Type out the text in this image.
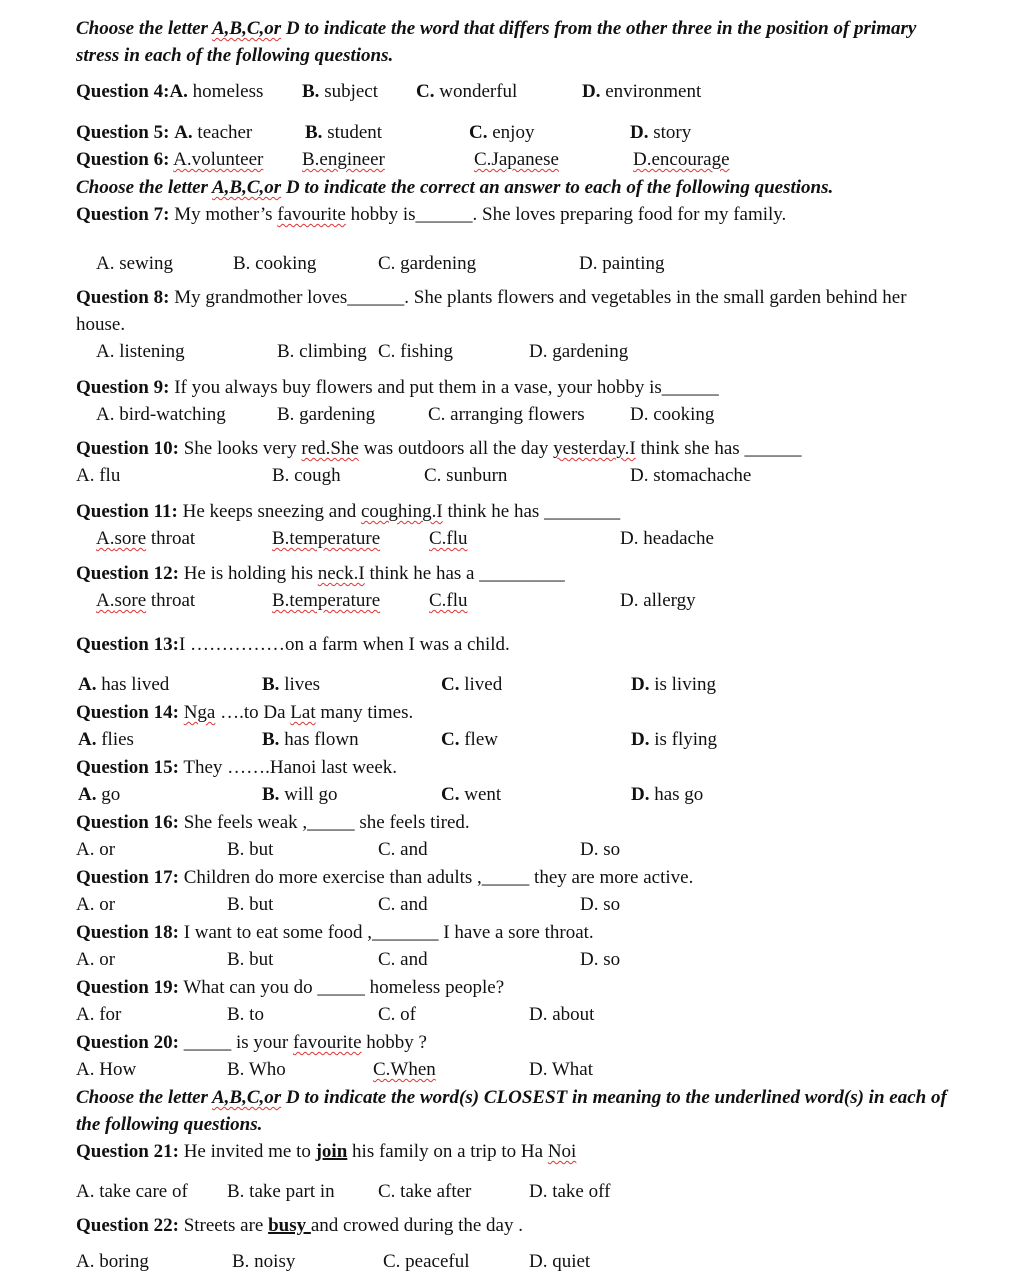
Choose the letter A,B,C,or D to indicate the word that differs from the other three in the position of primary stress in each of the following questions.
Question 4:A. homeless B. subject C. wonderful	D. environment
Question 5: A. teacher	B. student	C. enjoy	D. story
Question 6: A.volunteer B.engineer	C.Japanese	D.encourage
Choose the letter A,B,C,or D to indicate the correct an answer to each of the following questions.
Question 7: My mother’s favourite hobby is______. She loves preparing food for my family.
A. sewing	B. cooking	C. gardening	D. painting
Question 8: My grandmother loves______. She plants flowers and vegetables in the small garden behind her
house.
A. listening	B. climbing C. fishing	D. gardening
Question 9: If you always buy flowers and put them in a vase, your hobby is______
A. bird-watching	B. gardening	C. arranging flowers D. cooking
Question 10: She looks very red.She was outdoors all the day yesterday.I think she has ______
A. flu	B. cough	C. sunburn	D. stomachache
Question 11: He keeps sneezing and coughing.I think he has ________
A.sore throat	B.temperature	C.flu	D. headache
Question 12: He is holding his neck.I think he has a _________
A.sore throat	B.temperature	C.flu	D. allergy
Question 13:I ……………on a farm when I was a child.
A. has lived	B. lives	C. lived	D. is living
Question 14: Nga ….to Da Lat many times.
A. flies	B. has flown	C. flew	D. is flying
Question 15: They …….Hanoi last week.
A. go	B. will go	C. went	D. has go
Question 16: She feels weak ,_____ she feels tired.
A. or	B. but	C. and	D. so
Question 17: Children do more exercise than adults ,_____ they are more active.
A. or	B. but	C. and	D. so
Question 18: I want to eat some food ,_______ I have a sore throat.
A. or	B. but	C. and	D. so
Question 19: What can you do _____ homeless people?
A. for	B. to	C. of	D. about
Question 20: _____ is your favourite hobby ?
A. How	B. Who	C.When	D. What
Choose the letter A,B,C,or D to indicate the word(s) CLOSEST in meaning to the underlined word(s) in each of the following questions.
Question 21: He invited me to join his family on a trip to Ha Noi
A. take care of B. take part in C. take after	D. take off
Question 22: Streets are busy and crowed during the day .
A. boring	B. noisy	C. peaceful	D. quiet
